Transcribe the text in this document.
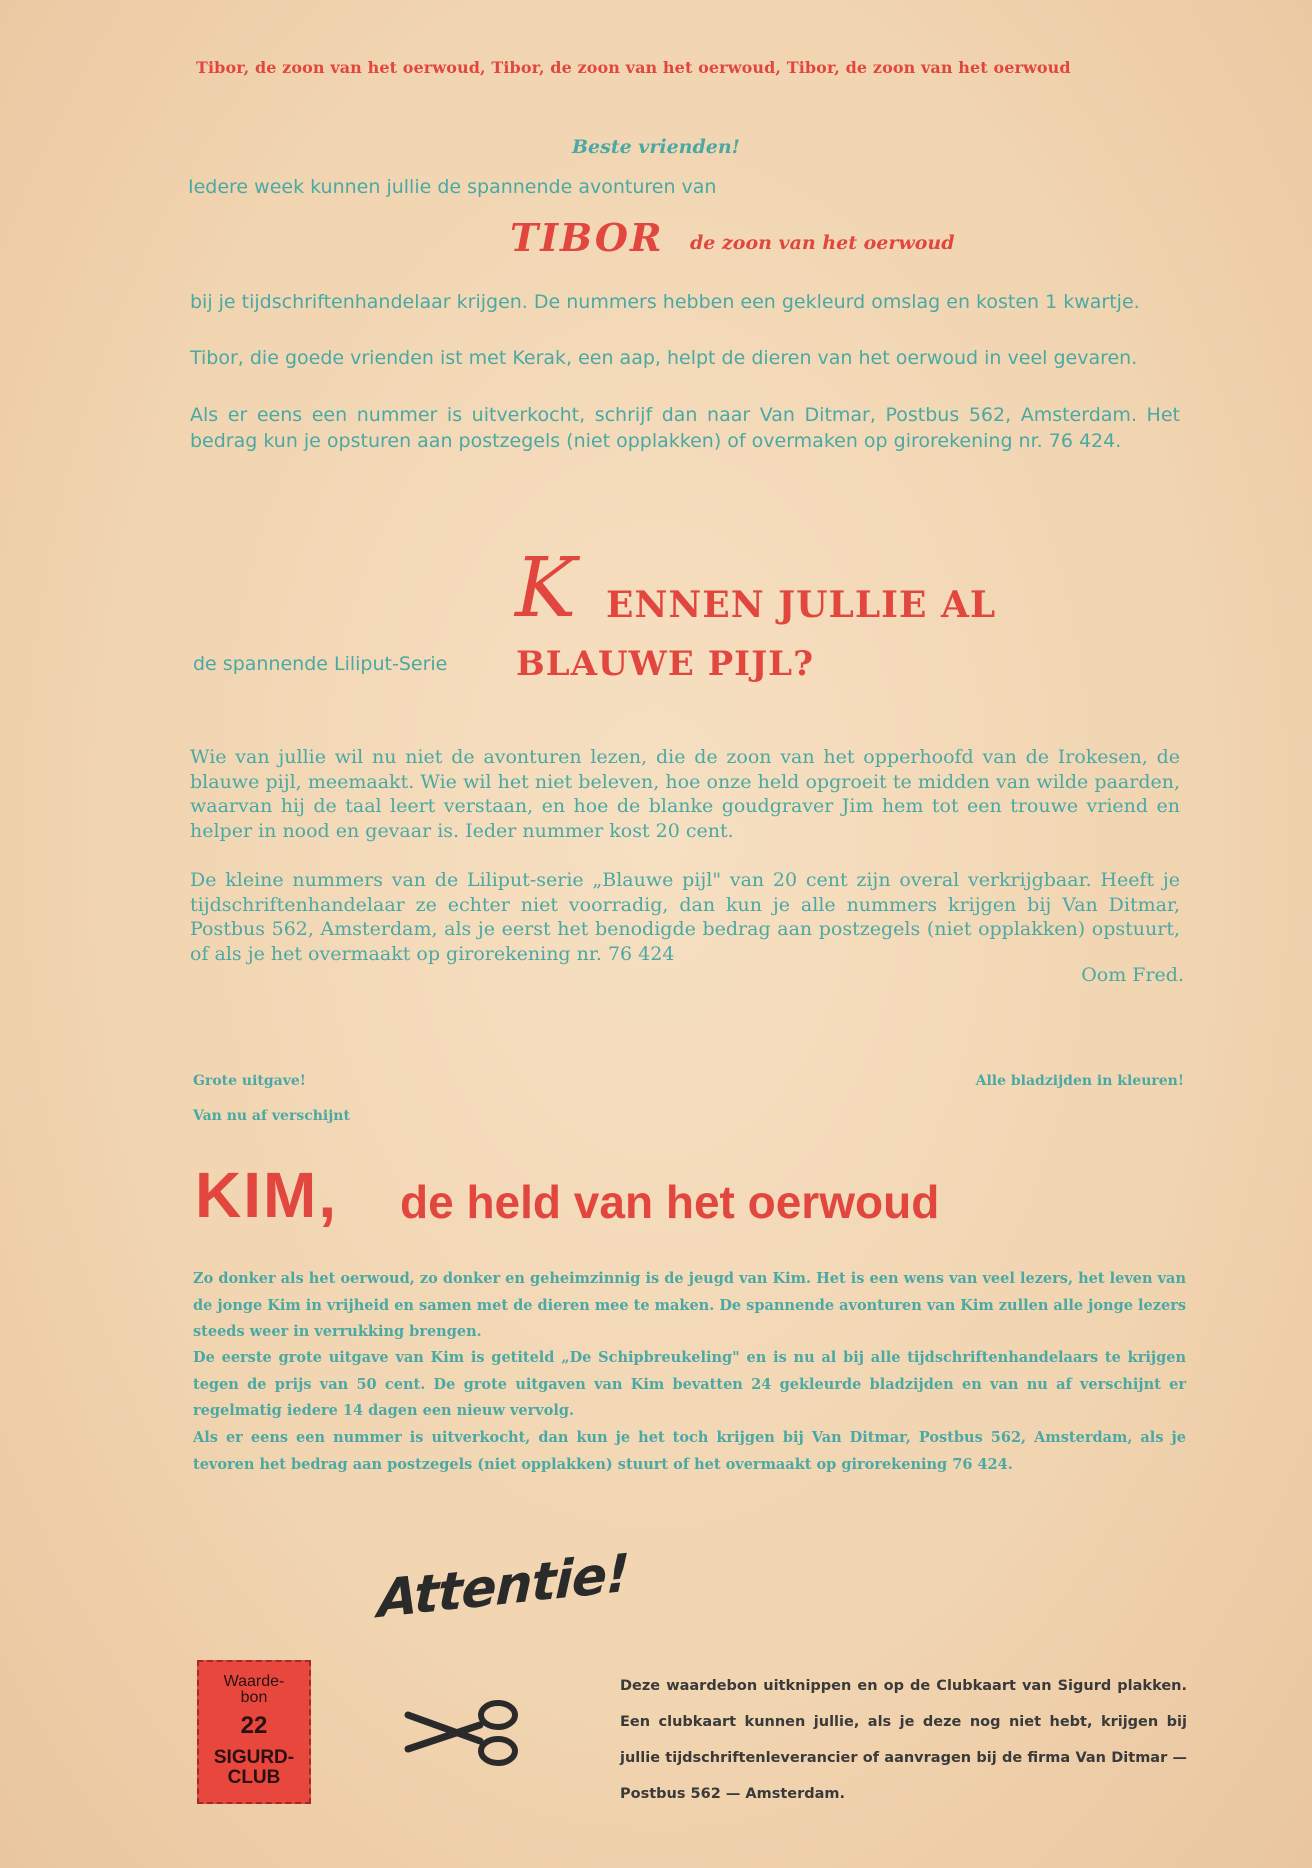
Tibor, de zoon van het oerwoud, Tibor, de zoon van het oerwoud, Tibor, de zoon van het oerwoud
Beste vrienden!
Iedere week kunnen jullie de spannende avonturen van
TIBOR de zoon van het oerwoud
bij je tijdschriftenhandelaar krijgen. De nummers hebben een gekleurd omslag en kosten 1 kwartje.
Tibor, die goede vrienden ist met Kerak, een aap, helpt de dieren van het oerwoud in veel gevaren.
Als er eens een nummer is uitverkocht, schrijf dan naar Van Ditmar, Postbus 562, Amsterdam. Het bedrag kun je opsturen aan postzegels (niet opplakken) of overmaken op girorekening nr. 76 424.
K ENNEN JULLIE AL
de spannende Liliput-Serie BLAUWE PIJL?
Wie van jullie wil nu niet de avonturen lezen, die de zoon van het opperhoofd van de Irokesen, de blauwe pijl, meemaakt. Wie wil het niet beleven, hoe onze held opgroeit te midden van wilde paarden, waarvan hij de taal leert verstaan, en hoe de blanke goudgraver Jim hem tot een trouwe vriend en helper in nood en gevaar is. Ieder nummer kost 20 cent.
De kleine nummers van de Liliput-serie „Blauwe pijl" van 20 cent zijn overal verkrijgbaar. Heeft je tijdschriftenhandelaar ze echter niet voorradig, dan kun je alle nummers krijgen bij Van Ditmar, Postbus 562, Amsterdam, als je eerst het benodigde bedrag aan postzegels (niet opplakken) opstuurt, of als je het overmaakt op girorekening nr. 76 424
Oom Fred.
Grote uitgave!
Van nu af verschijnt
Alle bladzijden in kleuren!
KIM, de held van het oerwoud
Zo donker als het oerwoud, zo donker en geheimzinnig is de jeugd van Kim. Het is een wens van veel lezers, het leven van de jonge Kim in vrijheid en samen met de dieren mee te maken. De spannende avonturen van Kim zullen alle jonge lezers steeds weer in verrukking brengen.
De eerste grote uitgave van Kim is getiteld „De Schipbreukeling" en is nu al bij alle tijdschriftenhandelaars te krijgen tegen de prijs van 50 cent. De grote uitgaven van Kim bevatten 24 gekleurde bladzijden en van nu af verschijnt er regelmatig iedere 14 dagen een nieuw vervolg.
Als er eens een nummer is uitverkocht, dan kun je het toch krijgen bij Van Ditmar, Postbus 562, Amsterdam, als je tevoren het bedrag aan postzegels (niet opplakken) stuurt of het overmaakt op girorekening 76 424.
Attentie!
Waarde-
bon
22
SIGURD-
CLUB
Deze waardebon uitknippen en op de Clubkaart van Sigurd plakken. Een clubkaart kunnen jullie, als je deze nog niet hebt, krijgen bij jullie tijdschriftenleverancier of aanvragen bij de firma Van Ditmar — Postbus 562 — Amsterdam.
